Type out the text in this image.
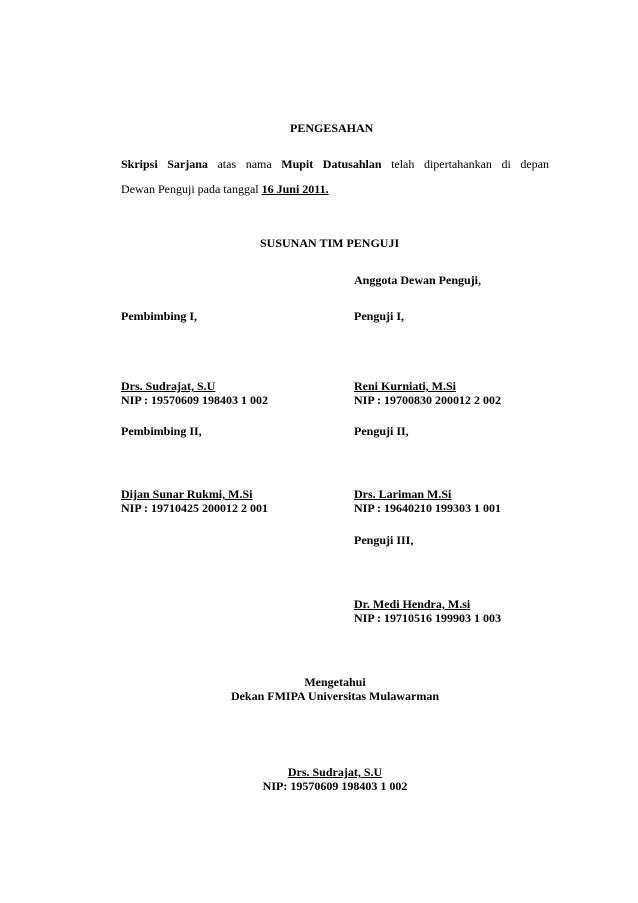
PENGESAHAN
Skripsi Sarjana atas nama Mupit Datusahlan telah dipertahankan di depan
Dewan Penguji pada tanggal 16 Juni 2011.
SUSUNAN TIM PENGUJI
Anggota Dewan Penguji,
Pembimbing I,
Drs. Sudrajat, S.U
NIP : 19570609 198403 1 002
Pembimbing II,
Dijan Sunar Rukmi, M.Si
NIP : 19710425 200012 2 001
Penguji I,
Reni Kurniati, M.Si
NIP : 19700830 200012 2 002
Penguji II,
Drs. Lariman M.Si
NIP : 19640210 199303 1 001
Penguji III,
Dr. Medi Hendra, M.si
NIP : 19710516 199903 1 003
Mengetahui
Dekan FMIPA Universitas Mulawarman
Drs. Sudrajat, S.U
NIP: 19570609 198403 1 002
